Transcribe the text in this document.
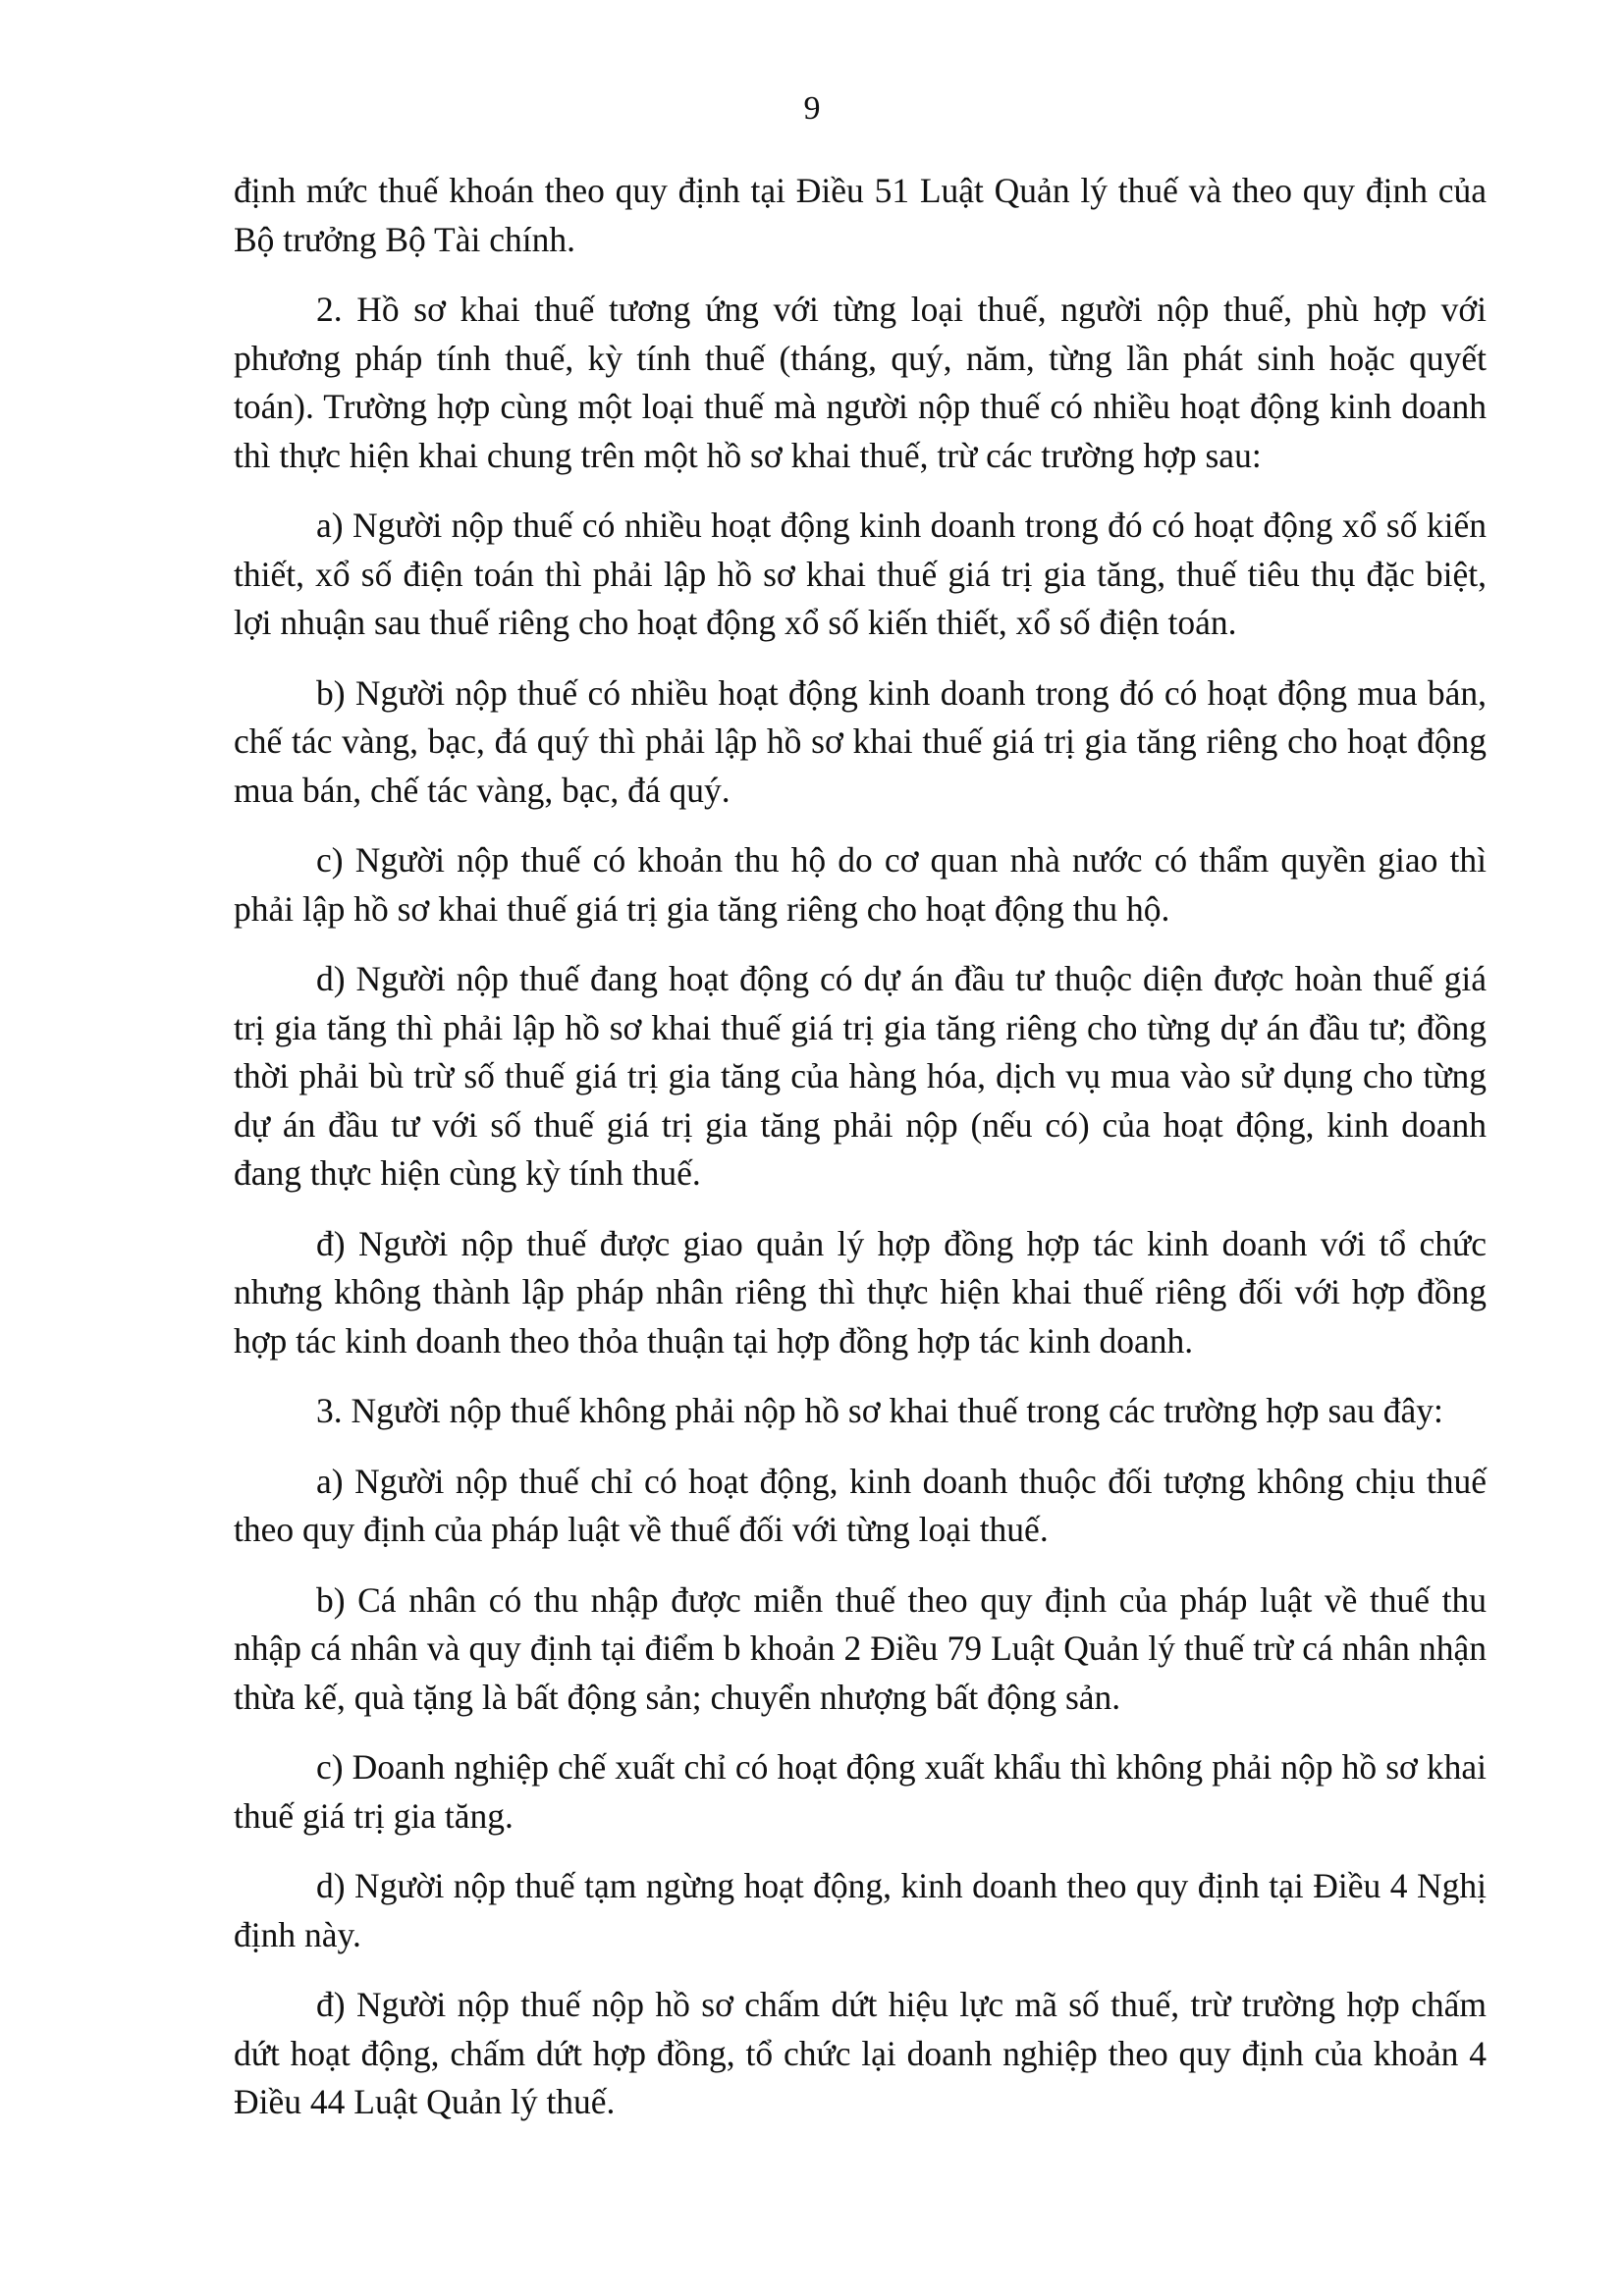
9

định mức thuế khoán theo quy định tại Điều 51 Luật Quản lý thuế và theo quy định của Bộ trưởng Bộ Tài chính.

2. Hồ sơ khai thuế tương ứng với từng loại thuế, người nộp thuế, phù hợp với phương pháp tính thuế, kỳ tính thuế (tháng, quý, năm, từng lần phát sinh hoặc quyết toán). Trường hợp cùng một loại thuế mà người nộp thuế có nhiều hoạt động kinh doanh thì thực hiện khai chung trên một hồ sơ khai thuế, trừ các trường hợp sau:

a) Người nộp thuế có nhiều hoạt động kinh doanh trong đó có hoạt động xổ số kiến thiết, xổ số điện toán thì phải lập hồ sơ khai thuế giá trị gia tăng, thuế tiêu thụ đặc biệt, lợi nhuận sau thuế riêng cho hoạt động xổ số kiến thiết, xổ số điện toán.

b) Người nộp thuế có nhiều hoạt động kinh doanh trong đó có hoạt động mua bán, chế tác vàng, bạc, đá quý thì phải lập hồ sơ khai thuế giá trị gia tăng riêng cho hoạt động mua bán, chế tác vàng, bạc, đá quý.

c) Người nộp thuế có khoản thu hộ do cơ quan nhà nước có thẩm quyền giao thì phải lập hồ sơ khai thuế giá trị gia tăng riêng cho hoạt động thu hộ.

d) Người nộp thuế đang hoạt động có dự án đầu tư thuộc diện được hoàn thuế giá trị gia tăng thì phải lập hồ sơ khai thuế giá trị gia tăng riêng cho từng dự án đầu tư; đồng thời phải bù trừ số thuế giá trị gia tăng của hàng hóa, dịch vụ mua vào sử dụng cho từng dự án đầu tư với số thuế giá trị gia tăng phải nộp (nếu có) của hoạt động, kinh doanh đang thực hiện cùng kỳ tính thuế.

đ) Người nộp thuế được giao quản lý hợp đồng hợp tác kinh doanh với tổ chức nhưng không thành lập pháp nhân riêng thì thực hiện khai thuế riêng đối với hợp đồng hợp tác kinh doanh theo thỏa thuận tại hợp đồng hợp tác kinh doanh.

3. Người nộp thuế không phải nộp hồ sơ khai thuế trong các trường hợp sau đây:

a) Người nộp thuế chỉ có hoạt động, kinh doanh thuộc đối tượng không chịu thuế theo quy định của pháp luật về thuế đối với từng loại thuế.

b) Cá nhân có thu nhập được miễn thuế theo quy định của pháp luật về thuế thu nhập cá nhân và quy định tại điểm b khoản 2 Điều 79 Luật Quản lý thuế trừ cá nhân nhận thừa kế, quà tặng là bất động sản; chuyển nhượng bất động sản.

c) Doanh nghiệp chế xuất chỉ có hoạt động xuất khẩu thì không phải nộp hồ sơ khai thuế giá trị gia tăng.

d) Người nộp thuế tạm ngừng hoạt động, kinh doanh theo quy định tại Điều 4 Nghị định này.

đ) Người nộp thuế nộp hồ sơ chấm dứt hiệu lực mã số thuế, trừ trường hợp chấm dứt hoạt động, chấm dứt hợp đồng, tổ chức lại doanh nghiệp theo quy định của khoản 4 Điều 44 Luật Quản lý thuế.
